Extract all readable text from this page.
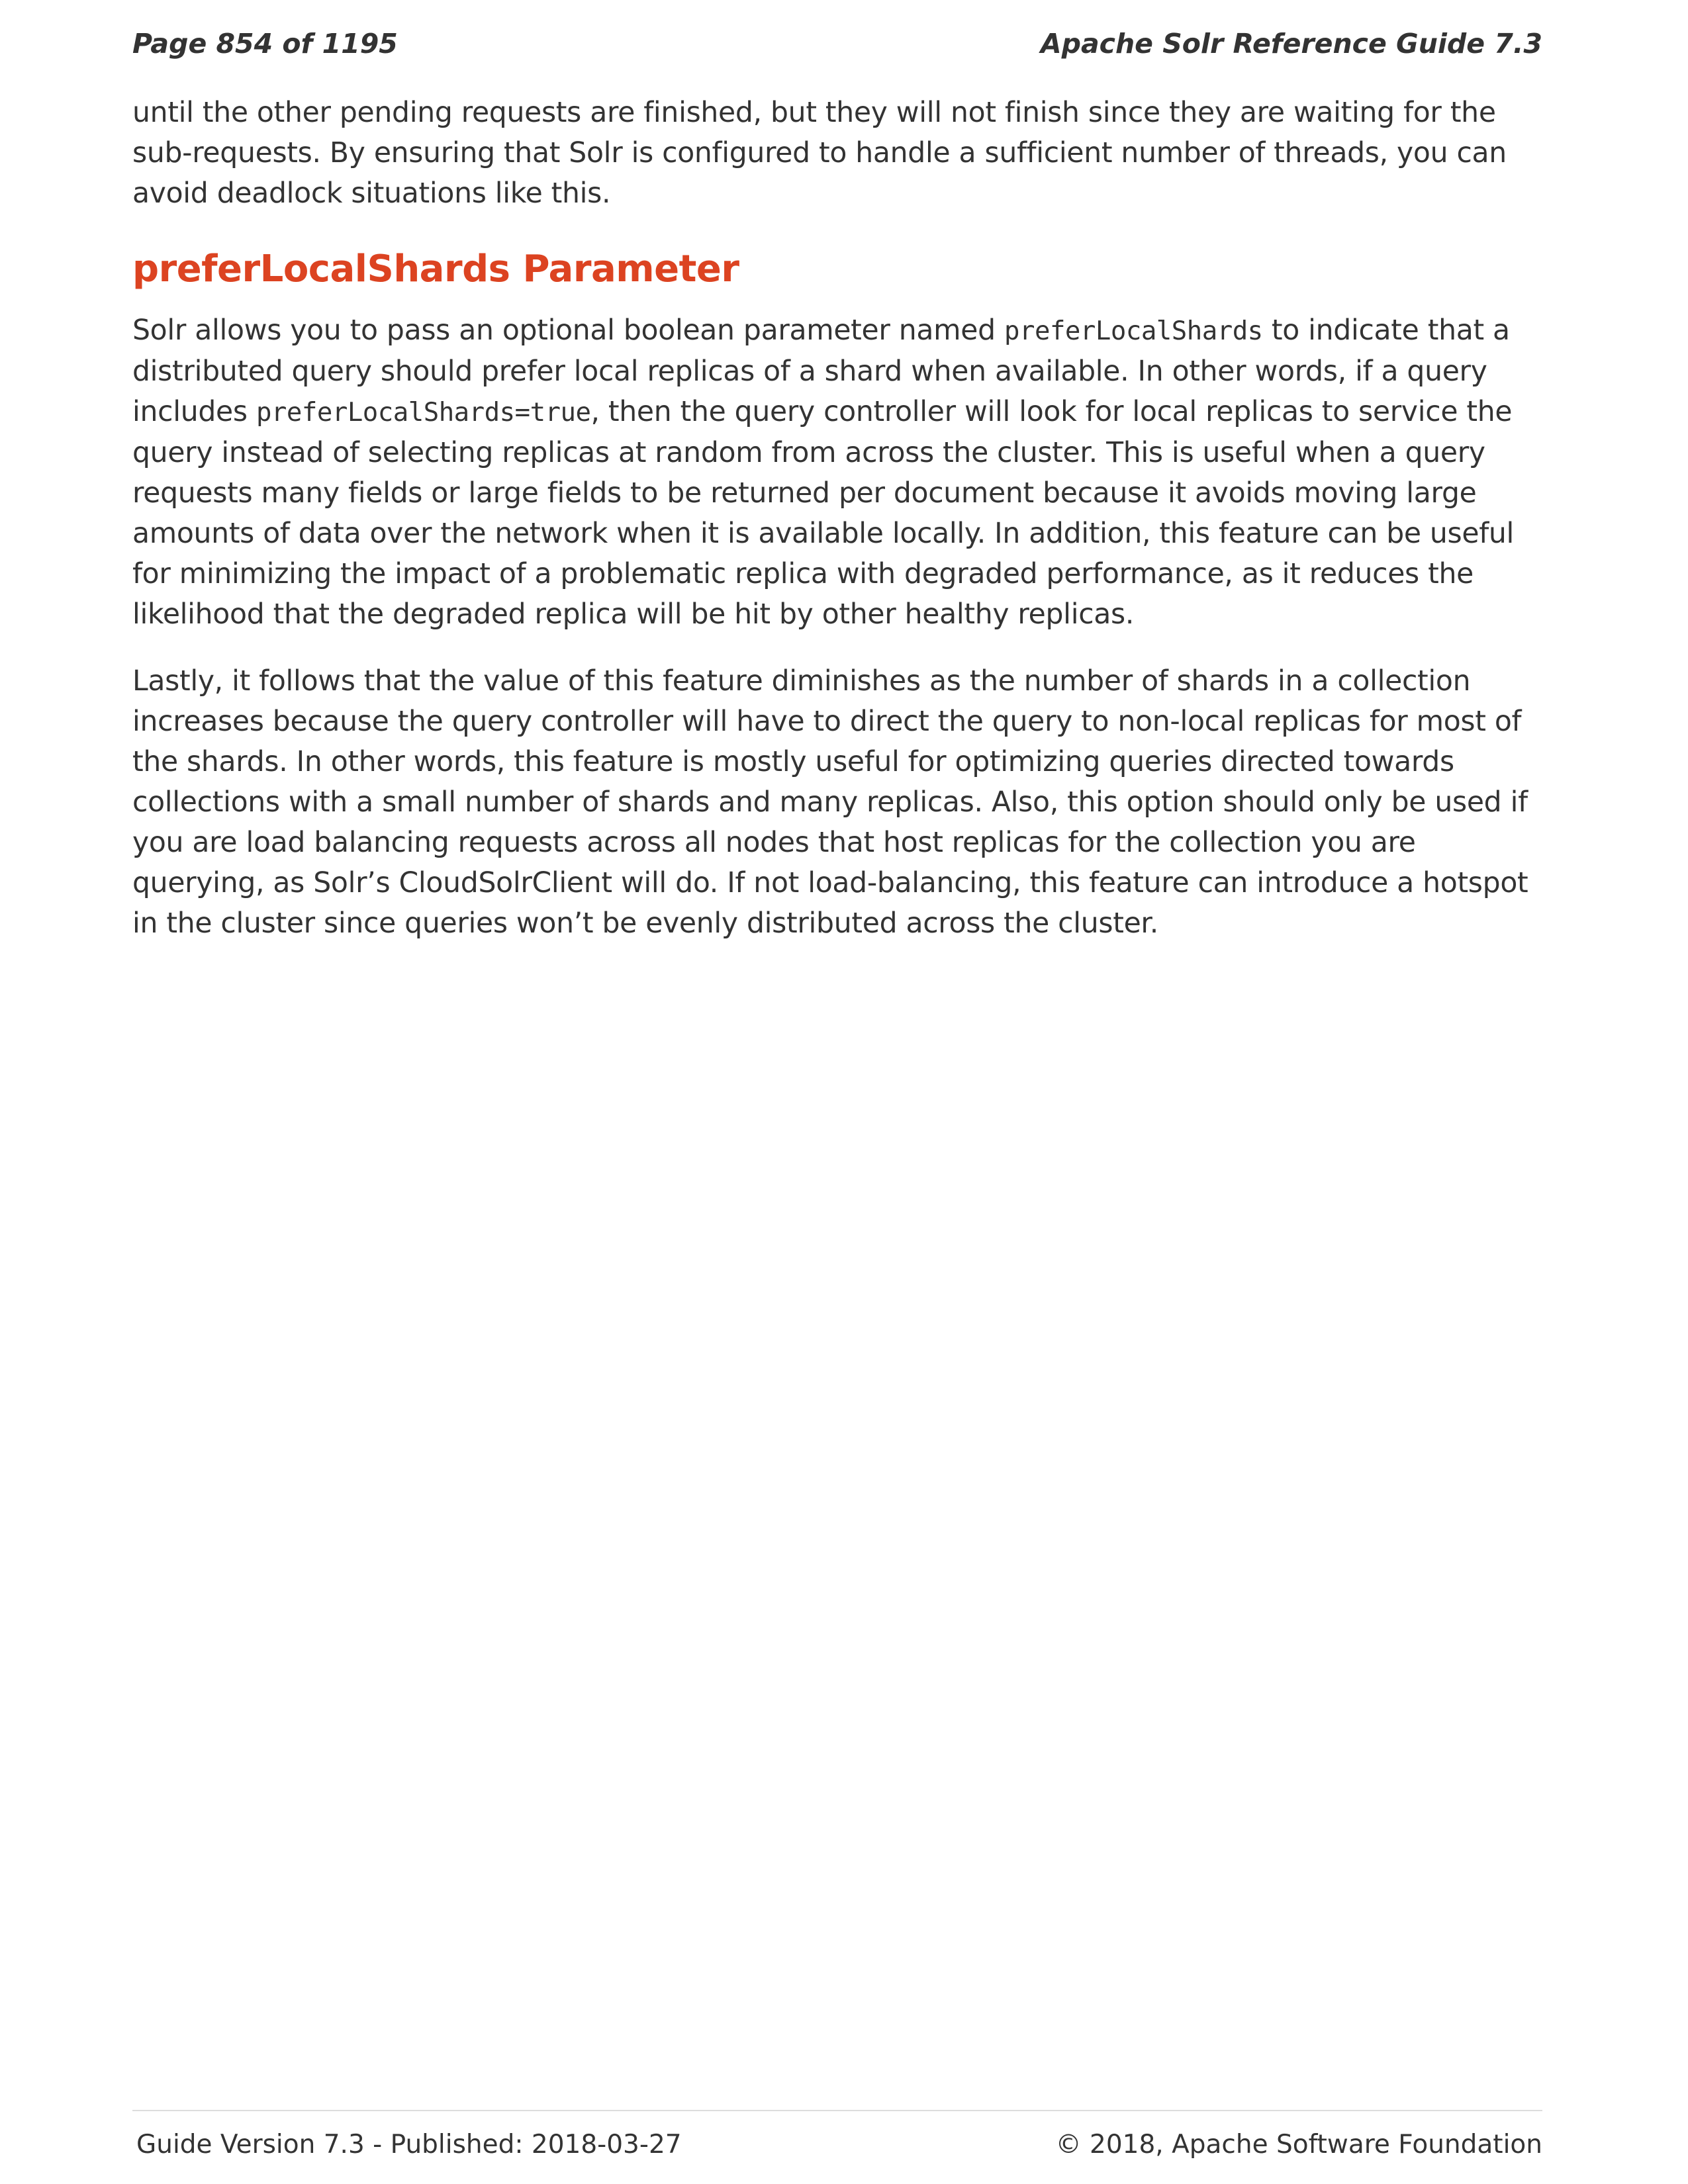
Page 854 of 1195	Apache Solr Reference Guide 7.3

until the other pending requests are finished, but they will not finish since they are waiting for the sub-requests. By ensuring that Solr is configured to handle a sufficient number of threads, you can avoid deadlock situations like this.

preferLocalShards Parameter

Solr allows you to pass an optional boolean parameter named preferLocalShards to indicate that a distributed query should prefer local replicas of a shard when available. In other words, if a query includes preferLocalShards=true, then the query controller will look for local replicas to service the query instead of selecting replicas at random from across the cluster. This is useful when a query requests many fields or large fields to be returned per document because it avoids moving large amounts of data over the network when it is available locally. In addition, this feature can be useful for minimizing the impact of a problematic replica with degraded performance, as it reduces the likelihood that the degraded replica will be hit by other healthy replicas.

Lastly, it follows that the value of this feature diminishes as the number of shards in a collection increases because the query controller will have to direct the query to non-local replicas for most of the shards. In other words, this feature is mostly useful for optimizing queries directed towards collections with a small number of shards and many replicas. Also, this option should only be used if you are load balancing requests across all nodes that host replicas for the collection you are querying, as Solr’s CloudSolrClient will do. If not load-balancing, this feature can introduce a hotspot in the cluster since queries won’t be evenly distributed across the cluster.

Guide Version 7.3 - Published: 2018-03-27	© 2018, Apache Software Foundation
